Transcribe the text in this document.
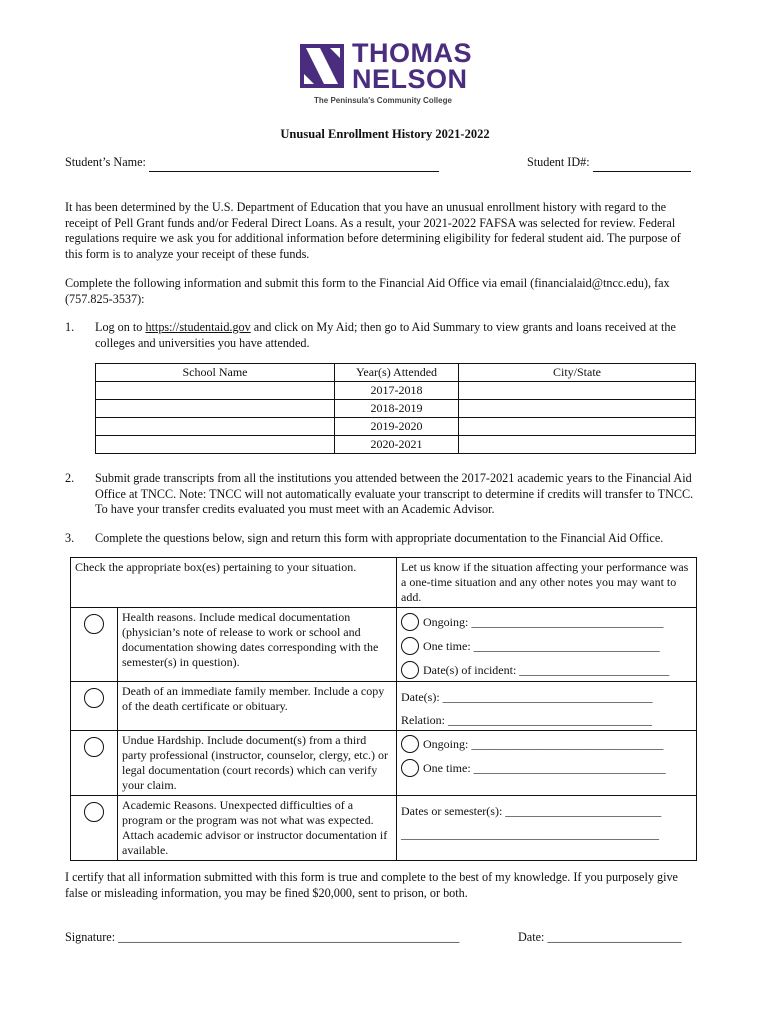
THOMAS
NELSON
The Peninsula's Community College
Unusual Enrollment History 2021-2022
Student’s Name:	Student ID#:
It has been determined by the U.S. Department of Education that you have an unusual enrollment history with regard to the receipt of Pell Grant funds and/or Federal Direct Loans. As a result, your 2021-2022 FAFSA was selected for review. Federal regulations require we ask you for additional information before determining eligibility for federal student aid. The purpose of this form is to analyze your receipt of these funds.
Complete the following information and submit this form to the Financial Aid Office via email (financialaid@tncc.edu), fax (757.825-3537):
1. Log on to https://studentaid.gov and click on My Aid; then go to Aid Summary to view grants and loans received at the colleges and universities you have attended.
School Name	Year(s) Attended	City/State
	2017-2018	
	2018-2019	
	2019-2020	
	2020-2021	
2. Submit grade transcripts from all the institutions you attended between the 2017-2021 academic years to the Financial Aid Office at TNCC. Note: TNCC will not automatically evaluate your transcript to determine if credits will transfer to TNCC. To have your transfer credits evaluated you must meet with an Academic Advisor.
3. Complete the questions below, sign and return this form with appropriate documentation to the Financial Aid Office.
Check the appropriate box(es) pertaining to your situation.		Let us know if the situation affecting your performance was a one-time situation and any other notes you may want to add.
	Health reasons. Include medical documentation (physician’s note of release to work or school and documentation showing dates corresponding with the semester(s) in question).	Ongoing: ________________________________
One time: _______________________________
Date(s) of incident: _________________________

	Death of an immediate family member. Include a copy of the death certificate or obituary.	Date(s): ___________________________________
Relation: __________________________________

	Undue Hardship. Include document(s) from a third party professional (instructor, counselor, clergy, etc.) or legal documentation (court records) which can verify your claim.	Ongoing: ________________________________
One time: ________________________________

	Academic Reasons. Unexpected difficulties of a program or the program was not what was expected. Attach academic advisor or instructor documentation if available.	Dates or semester(s): __________________________
___________________________________________
I certify that all information submitted with this form is true and complete to the best of my knowledge. If you purposely give false or misleading information, you may be fined $20,000, sent to prison, or both.
Signature: ________________________________________________________	Date: ______________________
